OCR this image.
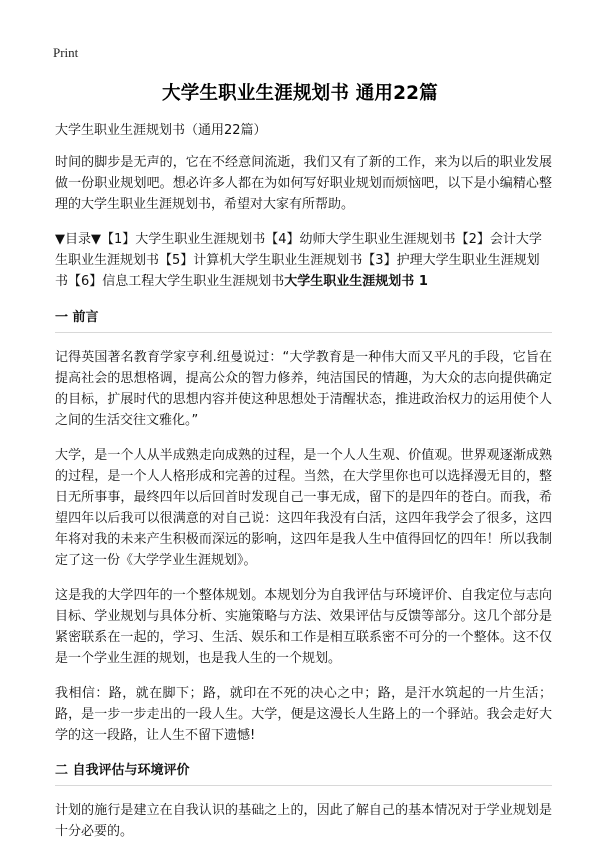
Print
大学生职业生涯规划书 通用22篇

大学生职业生涯规划书（通用22篇）

时间的脚步是无声的，它在不经意间流逝，我们又有了新的工作，来为以后的职业发展做一份职业规划吧。想必许多人都在为如何写好职业规划而烦恼吧，以下是小编精心整理的大学生职业生涯规划书，希望对大家有所帮助。

▼目录▼【1】大学生职业生涯规划书【4】幼师大学生职业生涯规划书【2】会计大学生职业生涯规划书【5】计算机大学生职业生涯规划书【3】护理大学生职业生涯规划书【6】信息工程大学生职业生涯规划书大学生职业生涯规划书 1
一 前言

记得英国著名教育学家亨利.纽曼说过：“大学教育是一种伟大而又平凡的手段，它旨在提高社会的思想格调，提高公众的智力修养，纯洁国民的情趣，为大众的志向提供确定的目标，扩展时代的思想内容并使这种思想处于清醒状态，推进政治权力的运用使个人之间的生活交往文雅化。”

大学，是一个人从半成熟走向成熟的过程，是一个人人生观、价值观。世界观逐渐成熟的过程，是一个人人格形成和完善的过程。当然，在大学里你也可以选择漫无目的，整日无所事事，最终四年以后回首时发现自己一事无成，留下的是四年的苍白。而我，希望四年以后我可以很满意的对自己说：这四年我没有白活，这四年我学会了很多，这四年将对我的未来产生积极而深远的影响，这四年是我人生中值得回忆的四年！所以我制定了这一份《大学学业生涯规划》。

这是我的大学四年的一个整体规划。本规划分为自我评估与环境评价、自我定位与志向目标、学业规划与具体分析、实施策略与方法、效果评估与反馈等部分。这几个部分是紧密联系在一起的，学习、生活、娱乐和工作是相互联系密不可分的一个整体。这不仅是一个学业生涯的规划，也是我人生的一个规划。

我相信：路，就在脚下；路，就印在不死的决心之中；路，是汗水筑起的一片生活；路，是一步一步走出的一段人生。大学，便是这漫长人生路上的一个驿站。我会走好大学的这一段路，让人生不留下遗憾!

二 自我评估与环境评价

计划的施行是建立在自我认识的基础之上的，因此了解自己的基本情况对于学业规划是十分必要的。
